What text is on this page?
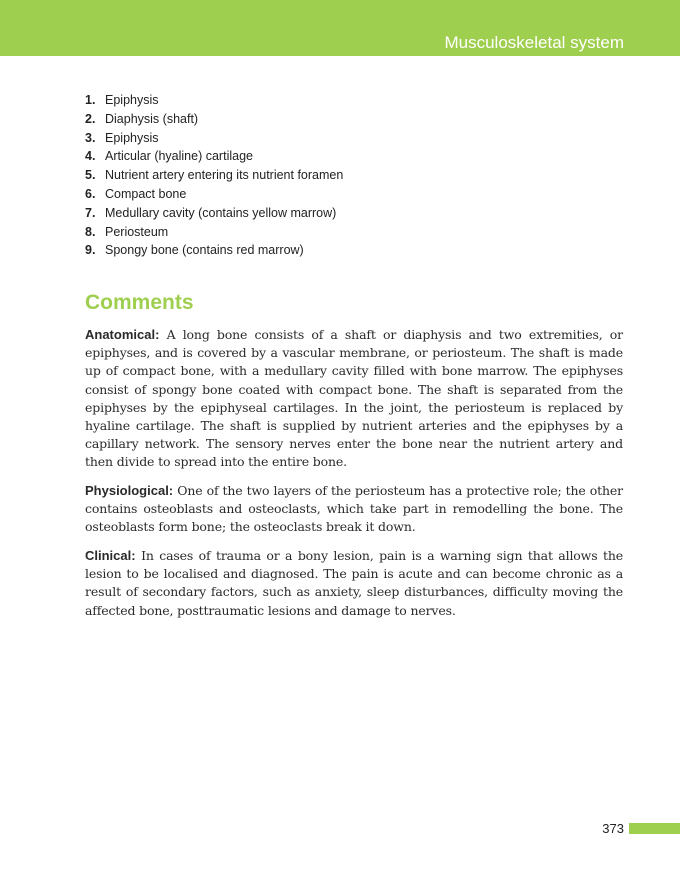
Musculoskeletal system
1. Epiphysis
2. Diaphysis (shaft)
3. Epiphysis
4. Articular (hyaline) cartilage
5. Nutrient artery entering its nutrient foramen
6. Compact bone
7. Medullary cavity (contains yellow marrow)
8. Periosteum
9. Spongy bone (contains red marrow)
Comments

Anatomical: A long bone consists of a shaft or diaphysis and two extremities, or epiphyses, and is covered by a vascular membrane, or periosteum. The shaft is made up of compact bone, with a medullary cavity filled with bone marrow. The epiphyses consist of spongy bone coated with compact bone. The shaft is separated from the epiphyses by the epiphyseal cartilages. In the joint, the periosteum is replaced by hyaline cartilage. The shaft is supplied by nutrient arteries and the epiphyses by a capillary network. The sensory nerves enter the bone near the nutrient artery and then divide to spread into the entire bone.

Physiological: One of the two layers of the periosteum has a protective role; the other contains osteoblasts and osteoclasts, which take part in remodelling the bone. The osteoblasts form bone; the osteoclasts break it down.

Clinical: In cases of trauma or a bony lesion, pain is a warning sign that allows the lesion to be localised and diagnosed. The pain is acute and can become chronic as a result of secondary factors, such as anxiety, sleep disturbances, difficulty moving the affected bone, posttraumatic lesions and damage to nerves.

373
